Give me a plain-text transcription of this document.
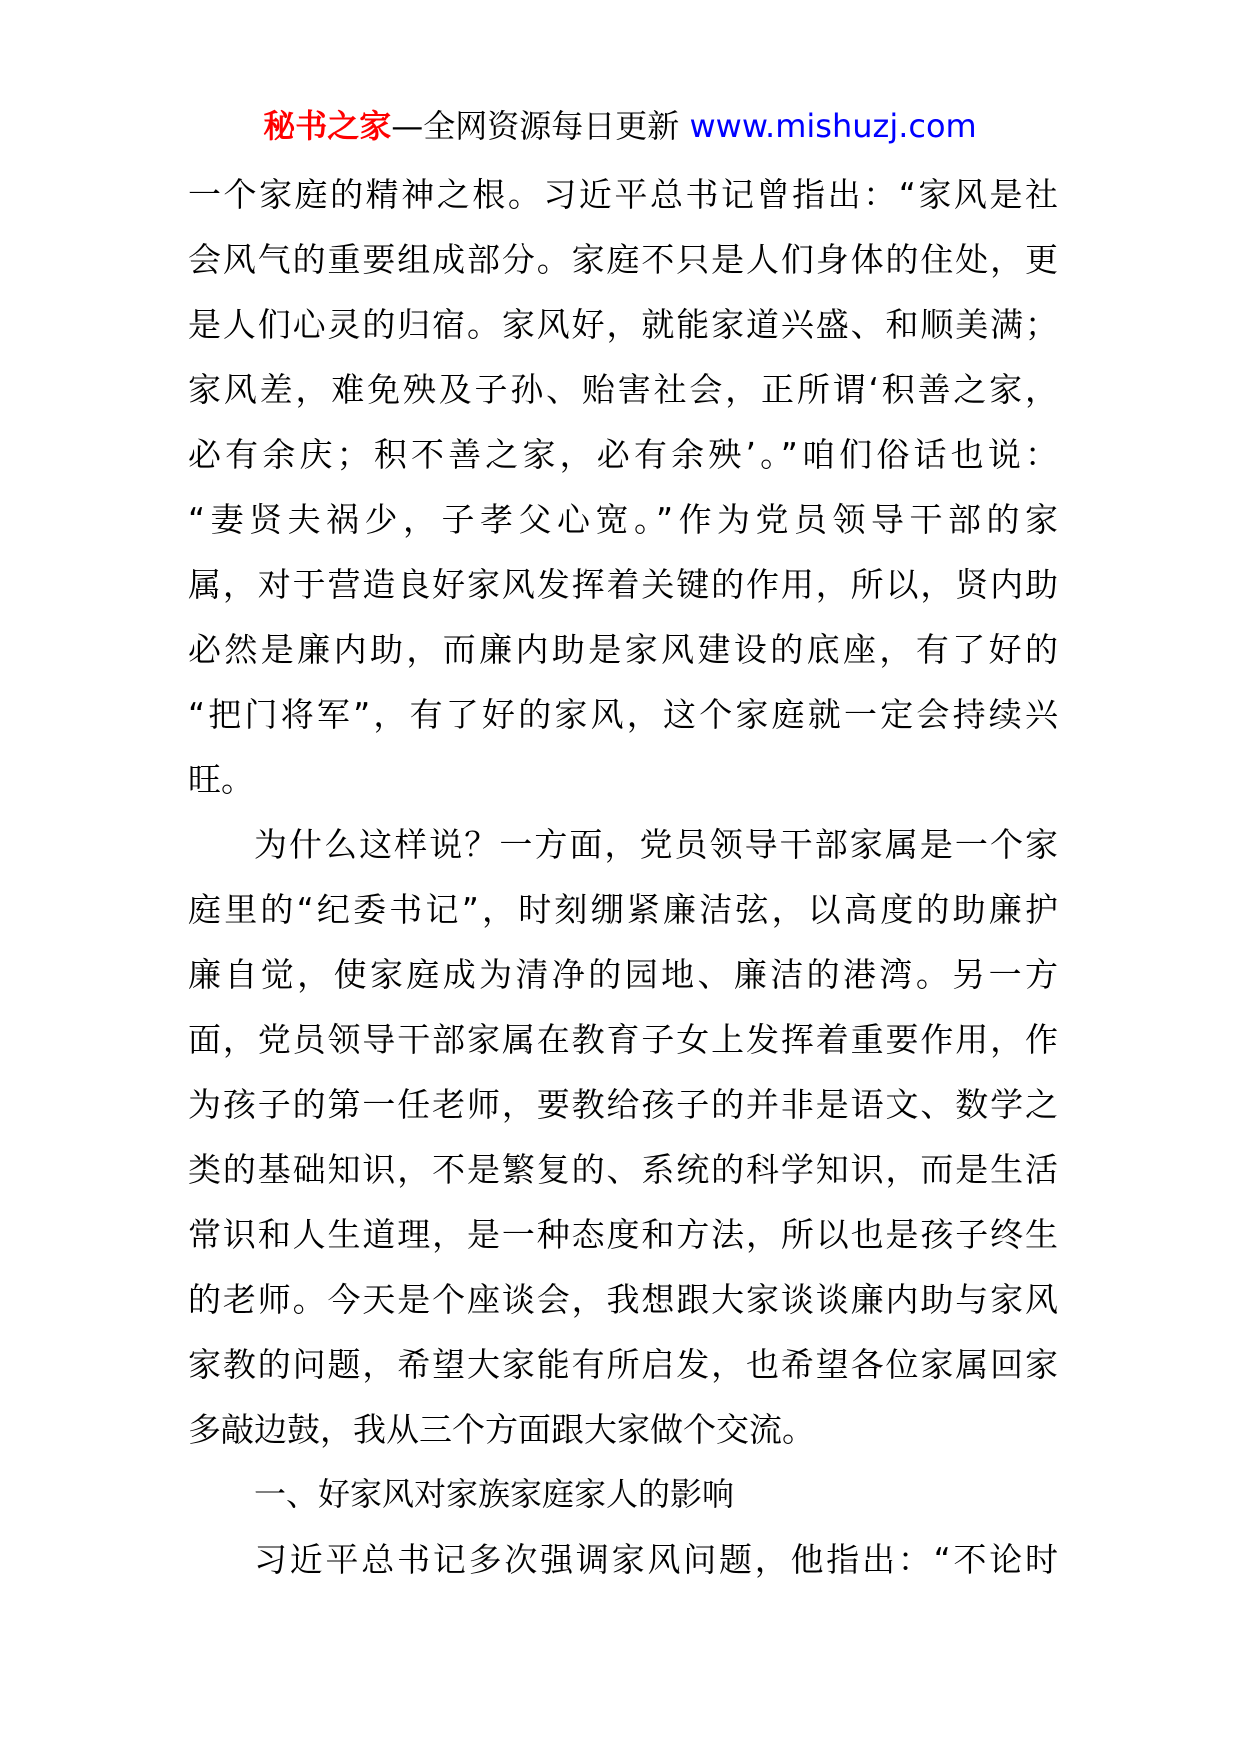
秘书之家—全网资源每日更新 www.mishuzj.com
一个家庭的精神之根。习近平总书记曾指出：“家风是社
会风气的重要组成部分。家庭不只是人们身体的住处，更
是人们心灵的归宿。家风好，就能家道兴盛、和顺美满；
家风差，难免殃及子孙、贻害社会，正所谓‘积善之家，
必有余庆；积不善之家，必有余殃’。”咱们俗话也说：
“妻贤夫祸少，子孝父心宽。”作为党员领导干部的家
属，对于营造良好家风发挥着关键的作用，所以，贤内助
必然是廉内助，而廉内助是家风建设的底座，有了好的
“把门将军”，有了好的家风，这个家庭就一定会持续兴
旺。
为什么这样说？一方面，党员领导干部家属是一个家
庭里的“纪委书记”，时刻绷紧廉洁弦，以高度的助廉护
廉自觉，使家庭成为清净的园地、廉洁的港湾。另一方
面，党员领导干部家属在教育子女上发挥着重要作用，作
为孩子的第一任老师，要教给孩子的并非是语文、数学之
类的基础知识，不是繁复的、系统的科学知识，而是生活
常识和人生道理，是一种态度和方法，所以也是孩子终生
的老师。今天是个座谈会，我想跟大家谈谈廉内助与家风
家教的问题，希望大家能有所启发，也希望各位家属回家
多敲边鼓，我从三个方面跟大家做个交流。
一、好家风对家族家庭家人的影响
习近平总书记多次强调家风问题，他指出：“不论时
